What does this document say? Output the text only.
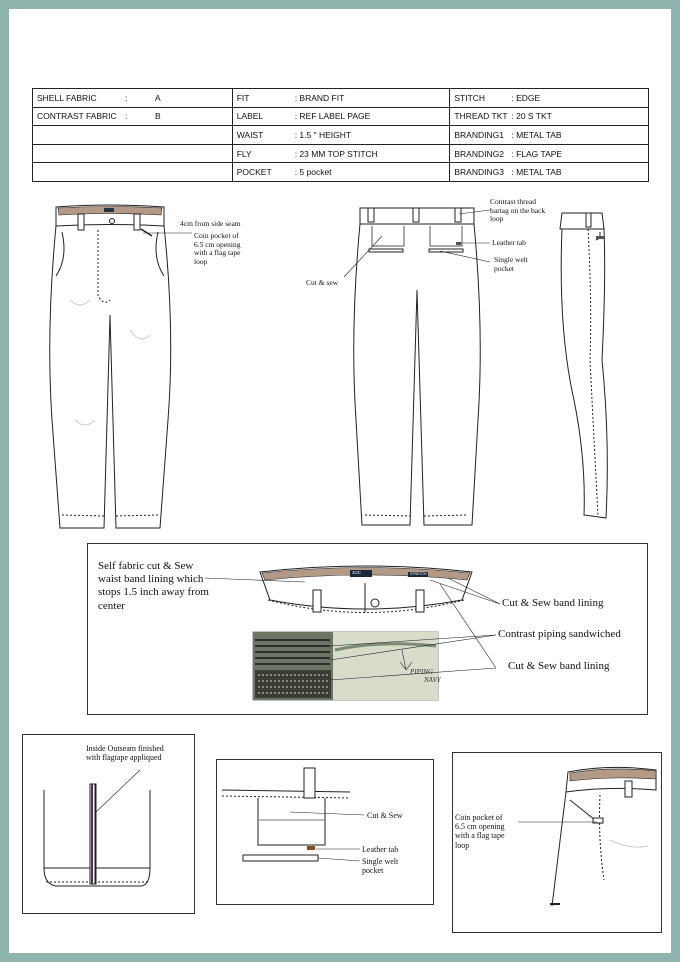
SHELL FABRIC : A	FIT : BRAND FIT	STITCH : EDGE
CONTRAST FABRIC : B	LABEL : REF LABEL PAGE	THREAD TKT : 20 S TKT
	WAIST : 1.5 " HEIGHT	BRANDING1 : METAL TAB
	FLY : 23 MM TOP STITCH	BRANDING2 : FLAG TAPE
	POCKET : 5 pocket	BRANDING3 : METAL TAB
4cm from side seam
Coin pocket of
6.5 cm opening
with a flag tape
loop
Contrast thread
bartag on the back
loop
Leather tab
Single welt
pocket
Cut & sew
Self fabric cut & Sew
waist band lining which
stops 1.5 inch away from
center	Cut & Sew band lining
Contrast piping sandwiched
Cut & Sew band lining
JOC	STRETCH
PIPING
NAVY
Inside Outseam finished
with flagtape appliqued
Cut & Sew
Leather tab
Single welt
pocket
Coin pocket of
6.5 cm opening
with a flag tape
loop
